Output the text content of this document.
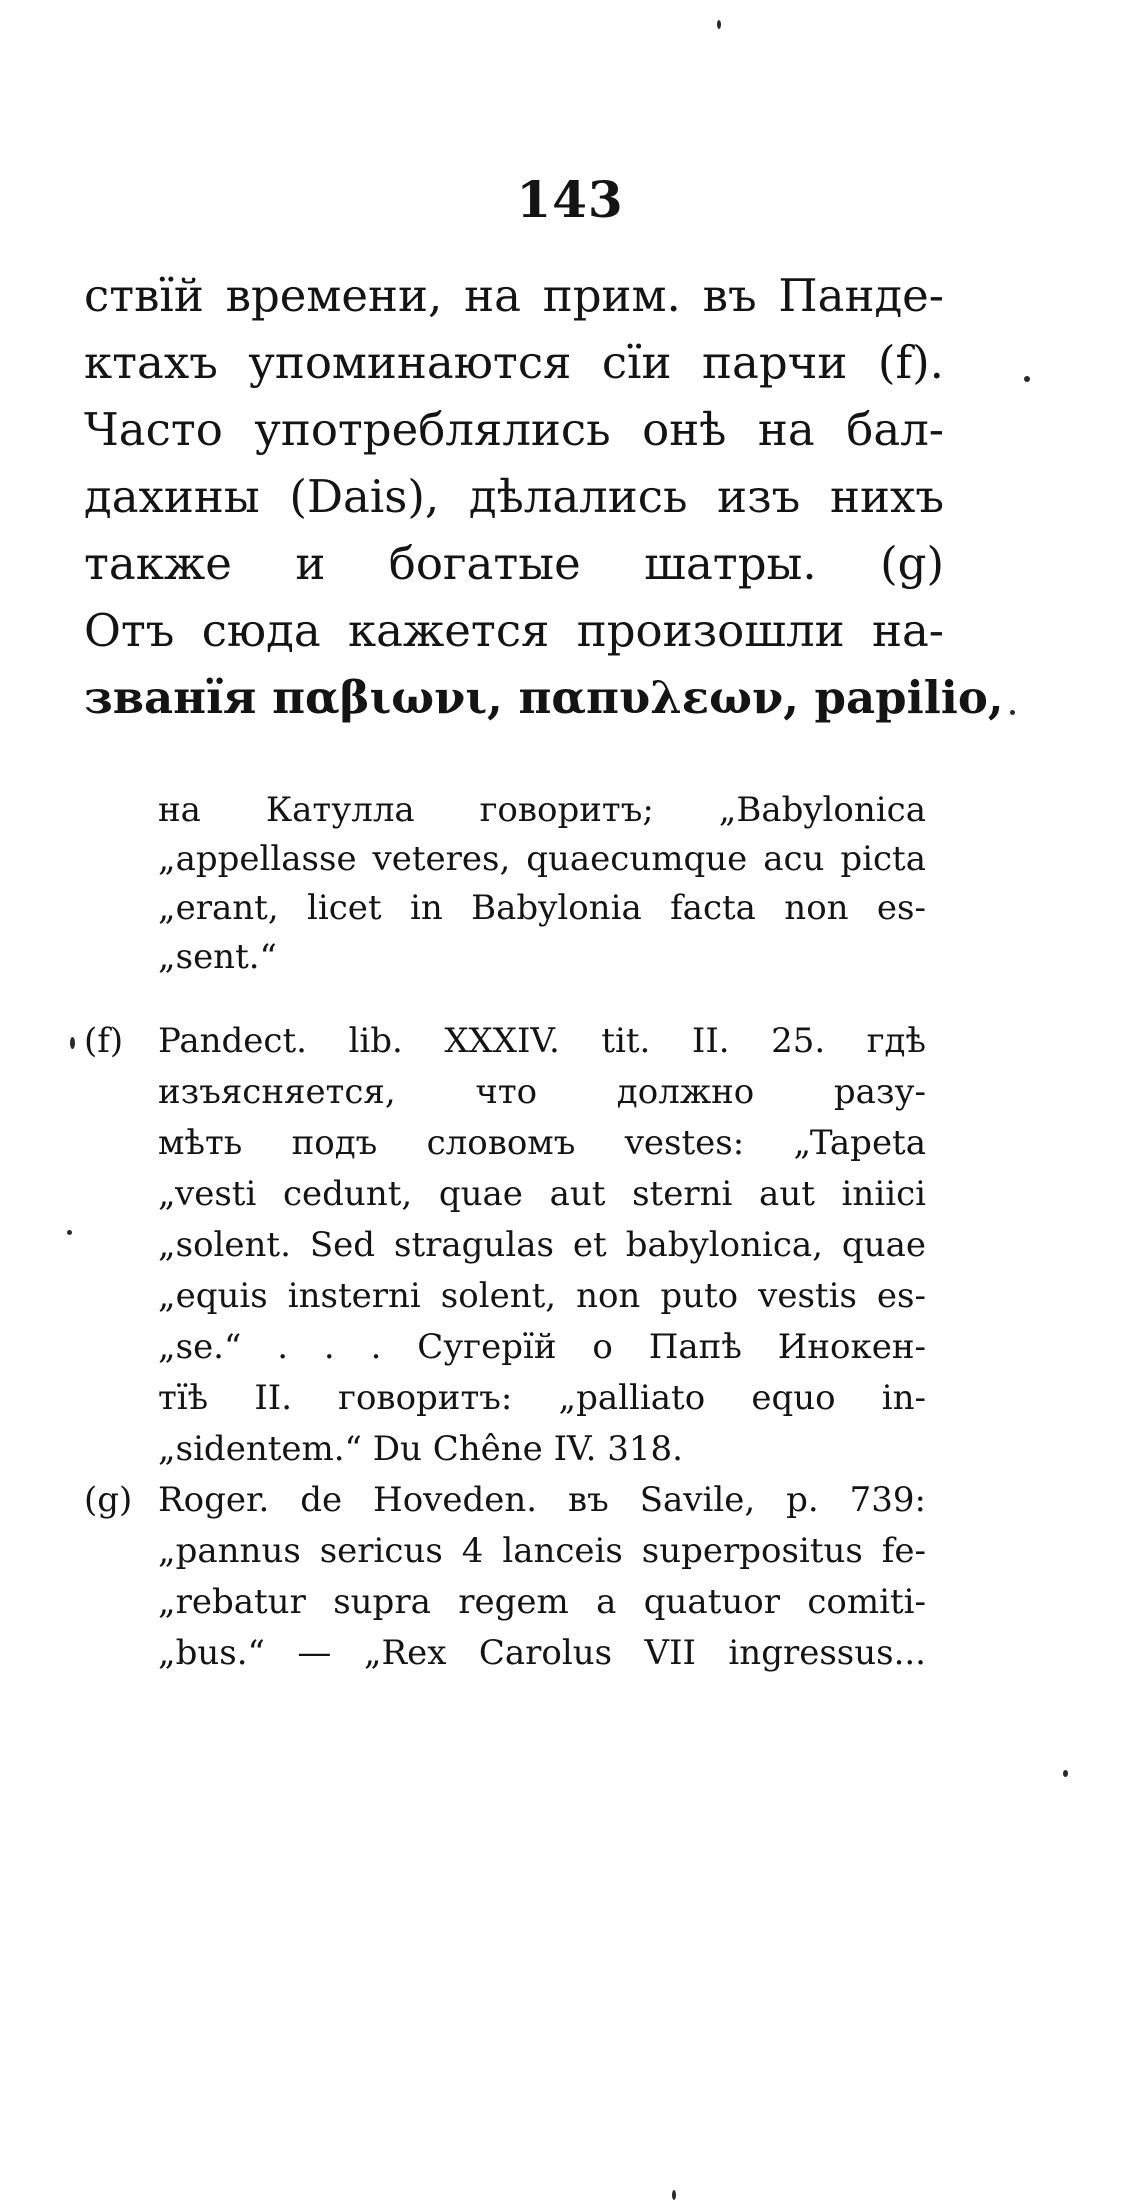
143
ствїй времени, на прим. въ Панде-
ктахъ упоминаются сїи парчи (f).
Часто употреблялись онѣ на бал-
дахины (Dais), дѣлались изъ нихъ
также и богатые шатры. (g)
Отъ сюда кажется произошли на-
званїя παβιωνι, παπυλεων, papilio,
на Катулла говоритъ; „Babylonica
„appellasse veteres, quaecumque acu picta
„erant, licet in Babylonia facta non es-
„sent.“
(f) Pandect. lib. XXXIV. tit. II. 25. гдѣ
изъясняется, что должно разу-
мѣть подъ словомъ vestes: „Tapeta
„vesti cedunt, quae aut sterni aut iniici
„solent. Sed stragulas et babylonica, quae
„equis insterni solent, non puto vestis es-
„se.“ . . . Сугерїй о Папѣ Инокен-
тїѣ II. говоритъ: „palliato equo in-
„sidentem.“ Du Chêne IV. 318.
(g) Roger. de Hoveden. въ Savile, p. 739:
„pannus sericus 4 lanceis superpositus fe-
„rebatur supra regem a quatuor comiti-
„bus.“ — „Rex Carolus VII ingressus...
